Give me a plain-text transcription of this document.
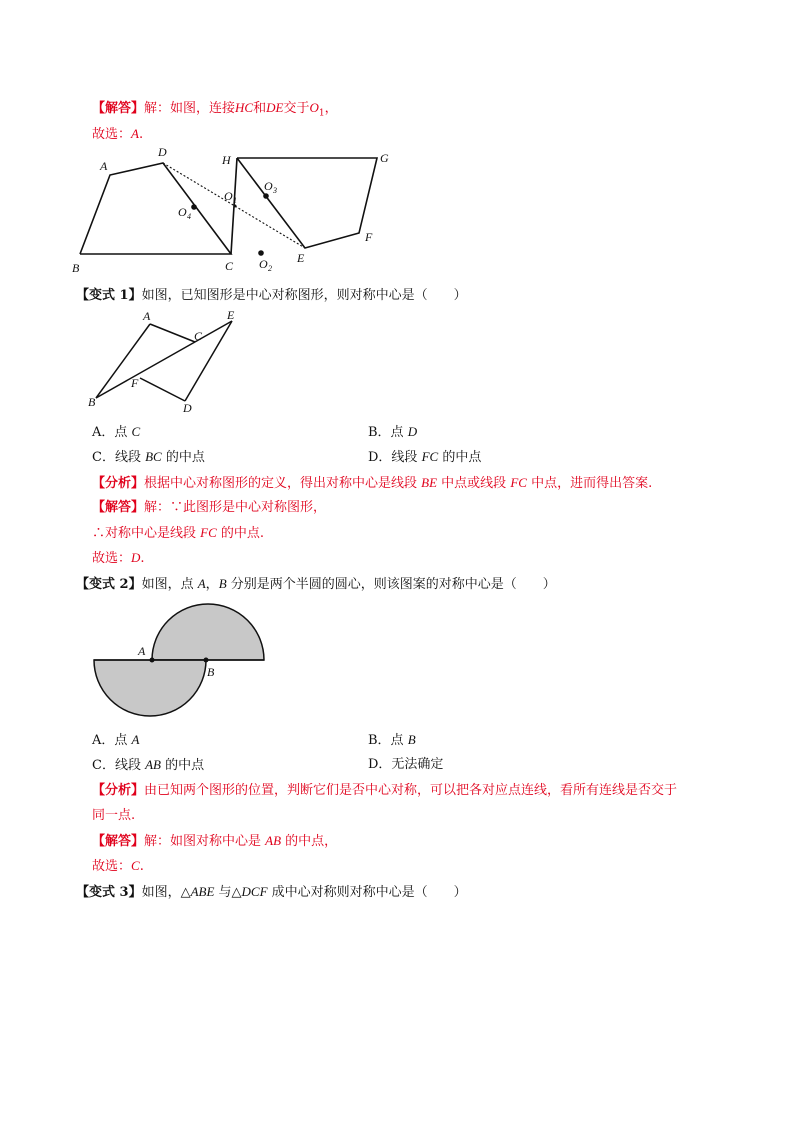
【解答】解：如图，连接HC和DE交于$O_1$，
故选：A.
A
D
B	C
H	G
O 1
O 3
O 4
O 2
E
F
【变式 1】如图，已知图形是中心对称图形，则对称中心是（　　）
A
C
E
B
F
D
A．点 C	B．点 D
C．线段 BC 的中点	D．线段 FC 的中点
【分析】根据中心对称图形的定义，得出对称中心是线段 BE 中点或线段 FC 中点，进而得出答案.
【解答】解：∵此图形是中心对称图形，
∴对称中心是线段 FC 的中点.
故选：D.
【变式 2】如图，点 A，B 分别是两个半圆的圆心，则该图案的对称中心是（　　）
A
B
A．点 A	B．点 B
C．线段 AB 的中点	D．无法确定
【分析】由已知两个图形的位置，判断它们是否中心对称，可以把各对应点连线，看所有连线是否交于
同一点.
【解答】解：如图对称中心是 AB 的中点，
故选：C.
【变式 3】如图，△ABE 与△DCF 成中心对称则对称中心是（　　）
